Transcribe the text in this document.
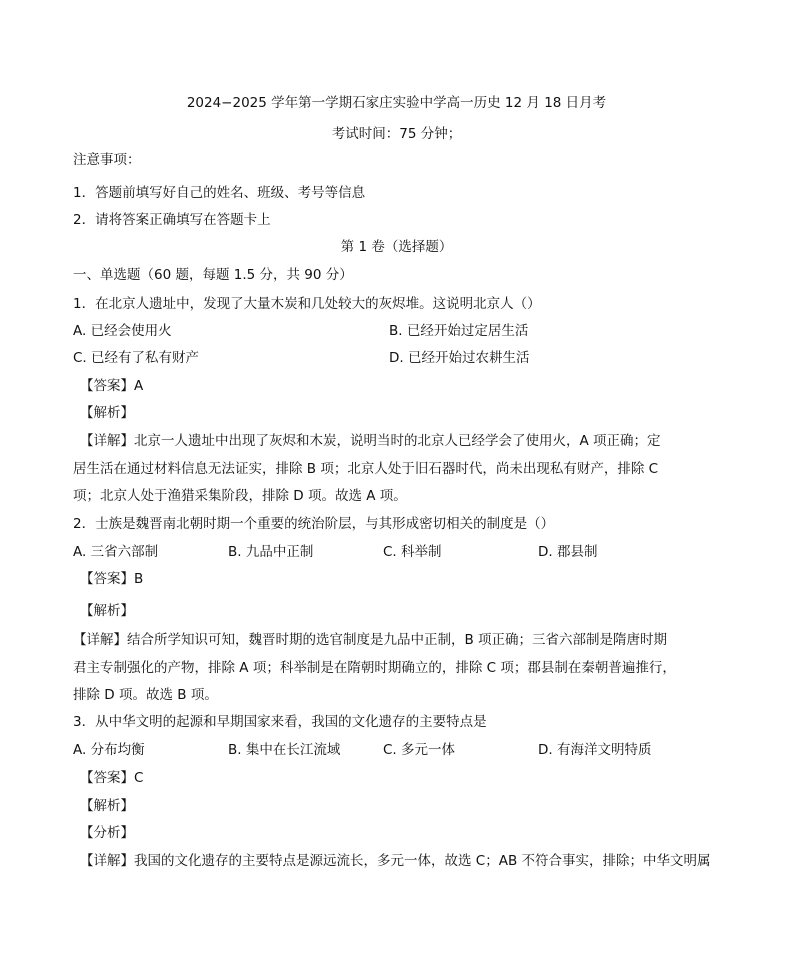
2024−2025 学年第一学期石家庄实验中学高一历史 12 月 18 日月考
考试时间：75 分钟；
注意事项：
1．答题前填写好自己的姓名、班级、考号等信息
2．请将答案正确填写在答题卡上
第 1 卷（选择题）
一、单选题（60 题，每题 1.5 分，共 90 分）
1．在北京人遗址中，发现了大量木炭和几处较大的灰烬堆。这说明北京人（）
A. 已经会使用火	B. 已经开始过定居生活
C. 已经有了私有财产	D. 已经开始过农耕生活
【答案】A
【解析】
【详解】北京一人遗址中出现了灰烬和木炭，说明当时的北京人已经学会了使用火，A 项正确；定
居生活在通过材料信息无法证实，排除 B 项；北京人处于旧石器时代，尚未出现私有财产，排除 C
项；北京人处于渔猎采集阶段，排除 D 项。故选 A 项。
2．士族是魏晋南北朝时期一个重要的统治阶层，与其形成密切相关的制度是（）
A. 三省六部制	B. 九品中正制	C. 科举制	D. 郡县制
【答案】B
【解析】
【详解】结合所学知识可知，魏晋时期的选官制度是九品中正制，B 项正确；三省六部制是隋唐时期
君主专制强化的产物，排除 A 项；科举制是在隋朝时期确立的，排除 C 项；郡县制在秦朝普遍推行，
排除 D 项。故选 B 项。
3．从中华文明的起源和早期国家来看，我国的文化遗存的主要特点是
A. 分布均衡	B. 集中在长江流域	C. 多元一体	D. 有海洋文明特质
【答案】C
【解析】
【分析】
【详解】我国的文化遗存的主要特点是源远流长，多元一体，故选 C；AB 不符合事实，排除；中华文明属
